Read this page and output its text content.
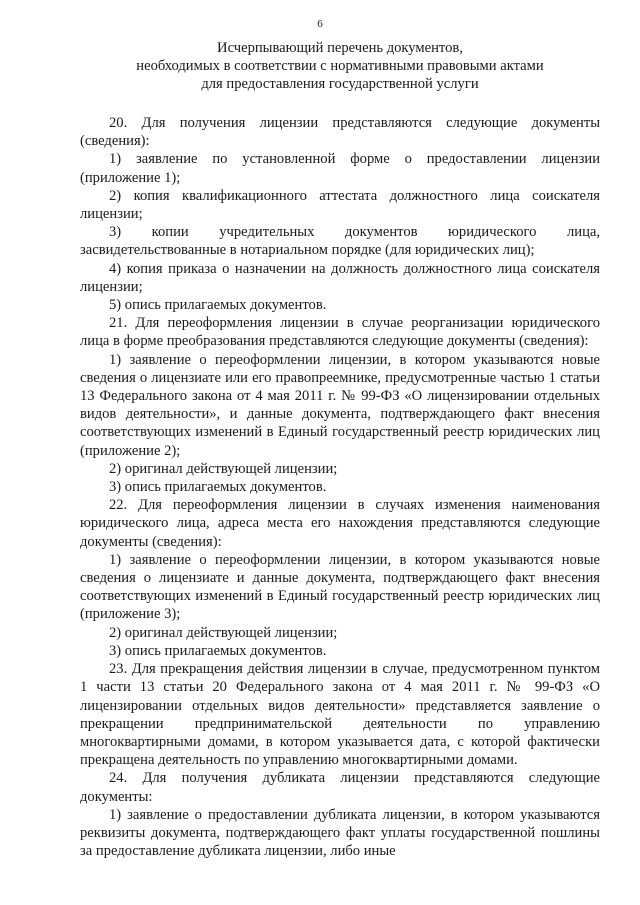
6
Исчерпывающий перечень документов,
необходимых в соответствии с нормативными правовыми актами
для предоставления государственной услуги

20. Для получения лицензии представляются следующие документы (сведения):

1) заявление по установленной форме о предоставлении лицензии (приложение 1);

2) копия квалификационного аттестата должностного лица соискателя лицензии;

3) копии учредительных документов юридического лица, засвидетельствованные в нотариальном порядке (для юридических лиц);

4) копия приказа о назначении на должность должностного лица соискателя лицензии;

5) опись прилагаемых документов.

21. Для переоформления лицензии в случае реорганизации юридического лица в форме преобразования представляются следующие документы (сведения):

1) заявление о переоформлении лицензии, в котором указываются новые сведения о лицензиате или его правопреемнике, предусмотренные частью 1 статьи 13 Федерального закона от 4 мая 2011 г. № 99-ФЗ «О лицензировании отдельных видов деятельности», и данные документа, подтверждающего факт внесения соответствующих изменений в Единый государственный реестр юридических лиц (приложение 2);

2) оригинал действующей лицензии;

3) опись прилагаемых документов.

22. Для переоформления лицензии в случаях изменения наименования юридического лица, адреса места его нахождения представляются следующие документы (сведения):

1) заявление о переоформлении лицензии, в котором указываются новые сведения о лицензиате и данные документа, подтверждающего факт внесения соответствующих изменений в Единый государственный реестр юридических лиц (приложение 3);

2) оригинал действующей лицензии;

3) опись прилагаемых документов.

23. Для прекращения действия лицензии в случае, предусмотренном пунктом 1 части 13 статьи 20 Федерального закона от 4 мая 2011 г. № 99-ФЗ «О лицензировании отдельных видов деятельности» представляется заявление о прекращении предпринимательской деятельности по управлению многоквартирными домами, в котором указывается дата, с которой фактически прекращена деятельность по управлению многоквартирными домами.

24. Для получения дубликата лицензии представляются следующие документы:

1) заявление о предоставлении дубликата лицензии, в котором указываются реквизиты документа, подтверждающего факт уплаты государственной пошлины за предоставление дубликата лицензии, либо иные
